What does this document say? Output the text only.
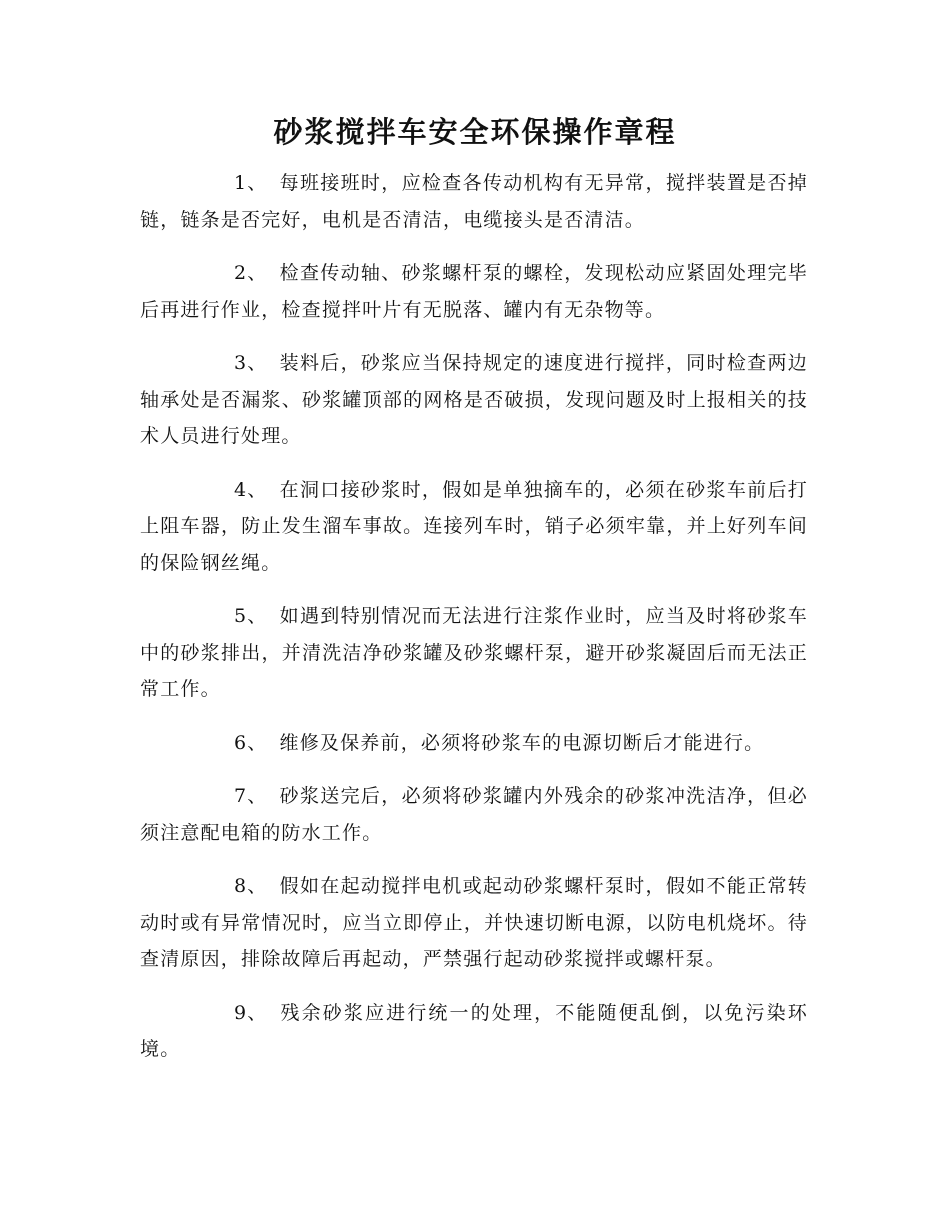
砂浆搅拌车安全环保操作章程

1、 每班接班时，应检查各传动机构有无异常，搅拌装置是否掉链，链条是否完好，电机是否清洁，电缆接头是否清洁。

2、 检查传动轴、砂浆螺杆泵的螺栓，发现松动应紧固处理完毕后再进行作业，检查搅拌叶片有无脱落、罐内有无杂物等。

3、 装料后，砂浆应当保持规定的速度进行搅拌，同时检查两边轴承处是否漏浆、砂浆罐顶部的网格是否破损，发现问题及时上报相关的技术人员进行处理。

4、 在洞口接砂浆时，假如是单独摘车的，必须在砂浆车前后打上阻车器，防止发生溜车事故。连接列车时，销子必须牢靠，并上好列车间的保险钢丝绳。

5、 如遇到特别情况而无法进行注浆作业时，应当及时将砂浆车中的砂浆排出，并清洗洁净砂浆罐及砂浆螺杆泵，避开砂浆凝固后而无法正常工作。

6、 维修及保养前，必须将砂浆车的电源切断后才能进行。

7、 砂浆送完后，必须将砂浆罐内外残余的砂浆冲洗洁净，但必须注意配电箱的防水工作。

8、 假如在起动搅拌电机或起动砂浆螺杆泵时，假如不能正常转动时或有异常情况时，应当立即停止，并快速切断电源，以防电机烧坏。待查清原因，排除故障后再起动，严禁强行起动砂浆搅拌或螺杆泵。

9、 残余砂浆应进行统一的处理，不能随便乱倒，以免污染环境。
